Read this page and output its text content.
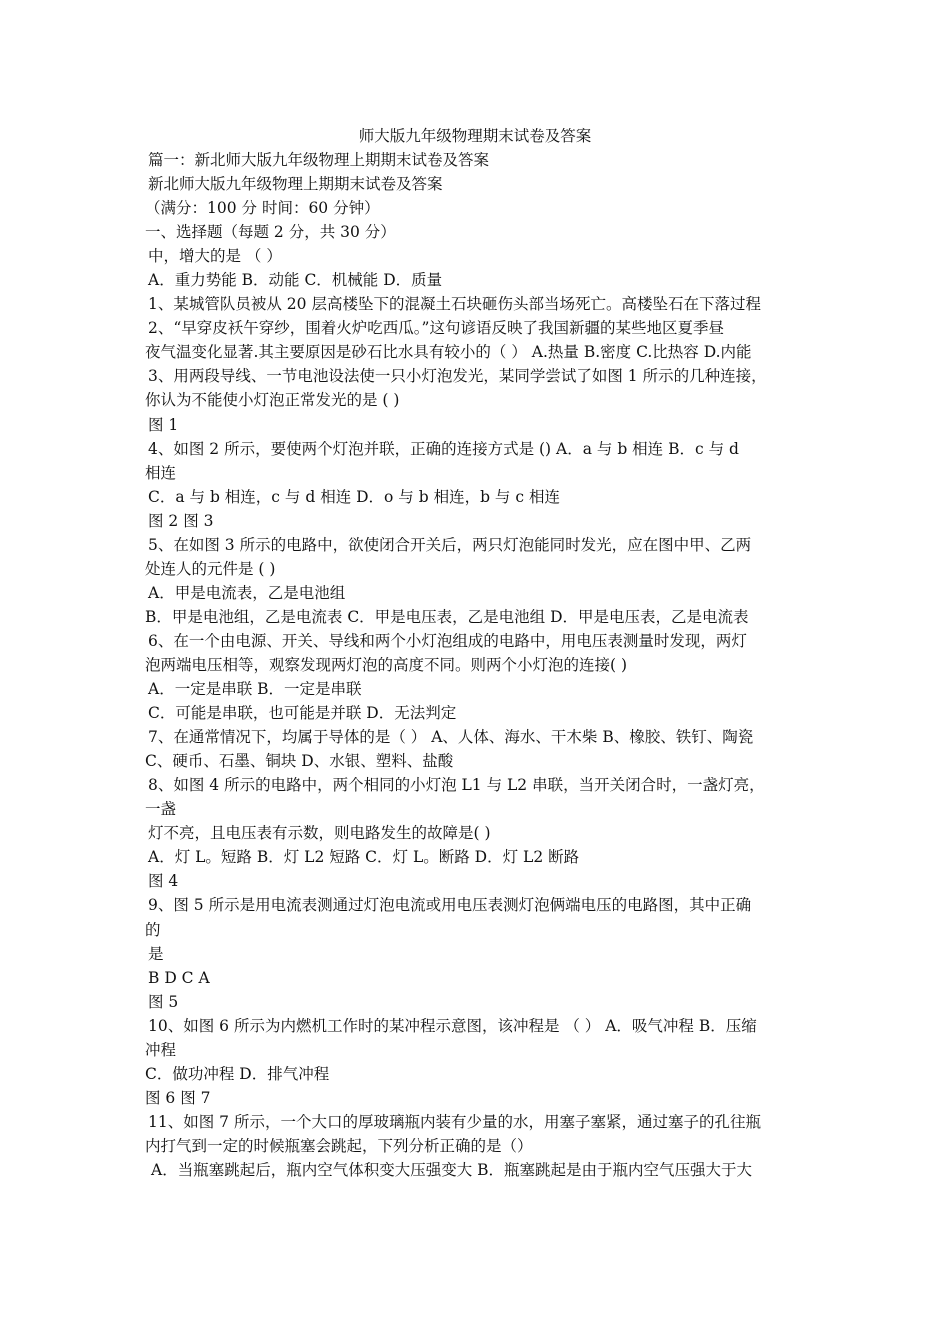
师大版九年级物理期末试卷及答案
篇一：新北师大版九年级物理上期期末试卷及答案
新北师大版九年级物理上期期末试卷及答案
（满分：100 分 时间：60 分钟）
一、选择题（每题 2 分，共 30 分）
中，增大的是 （ ）
A．重力势能 B．动能 C．机械能 D．质量
1、某城管队员被从 20 层高楼坠下的混凝土石块砸伤头部当场死亡。高楼坠石在下落过程
2、“早穿皮袄午穿纱，围着火炉吃西瓜。”这句谚语反映了我国新疆的某些地区夏季昼
夜气温变化显著.其主要原因是砂石比水具有较小的（ ） A.热量 B.密度 C.比热容 D.内能
3、用两段导线、一节电池设法使一只小灯泡发光，某同学尝试了如图 1 所示的几种连接，
你认为不能使小灯泡正常发光的是 ( )
图 1
4、如图 2 所示，要使两个灯泡并联，正确的连接方式是 () A．a 与 b 相连 B．c 与 d
相连
C．a 与 b 相连，c 与 d 相连 D．o 与 b 相连，b 与 c 相连
图 2 图 3
5、在如图 3 所示的电路中，欲使闭合开关后，两只灯泡能同时发光，应在图中甲、乙两
处连人的元件是 ( )
A．甲是电流表，乙是电池组
B．甲是电池组，乙是电流表 C．甲是电压表，乙是电池组 D．甲是电压表，乙是电流表
6、在一个由电源、开关、导线和两个小灯泡组成的电路中，用电压表测量时发现，两灯
泡两端电压相等，观察发现两灯泡的高度不同。则两个小灯泡的连接( )
A．一定是串联 B．一定是串联
C．可能是串联，也可能是并联 D．无法判定
7、在通常情况下，均属于导体的是（ ） A、人体、海水、干木柴 B、橡胶、铁钉、陶瓷
C、硬币、石墨、铜块 D、水银、塑料、盐酸
8、如图 4 所示的电路中，两个相同的小灯泡 L1 与 L2 串联，当开关闭合时，一盏灯亮，
一盏
灯不亮，且电压表有示数，则电路发生的故障是( )
A．灯 L。短路 B．灯 L2 短路 C．灯 L。断路 D．灯 L2 断路
图 4
9、图 5 所示是用电流表测通过灯泡电流或用电压表测灯泡俩端电压的电路图，其中正确
的
是
B D C A
图 5
10、如图 6 所示为内燃机工作时的某冲程示意图，该冲程是 （ ） A．吸气冲程 B．压缩
冲程
C．做功冲程 D．排气冲程
图 6 图 7
11、如图 7 所示，一个大口的厚玻璃瓶内装有少量的水，用塞子塞紧，通过塞子的孔往瓶
内打气到一定的时候瓶塞会跳起，下列分析正确的是（）
A．当瓶塞跳起后，瓶内空气体积变大压强变大 B．瓶塞跳起是由于瓶内空气压强大于大
